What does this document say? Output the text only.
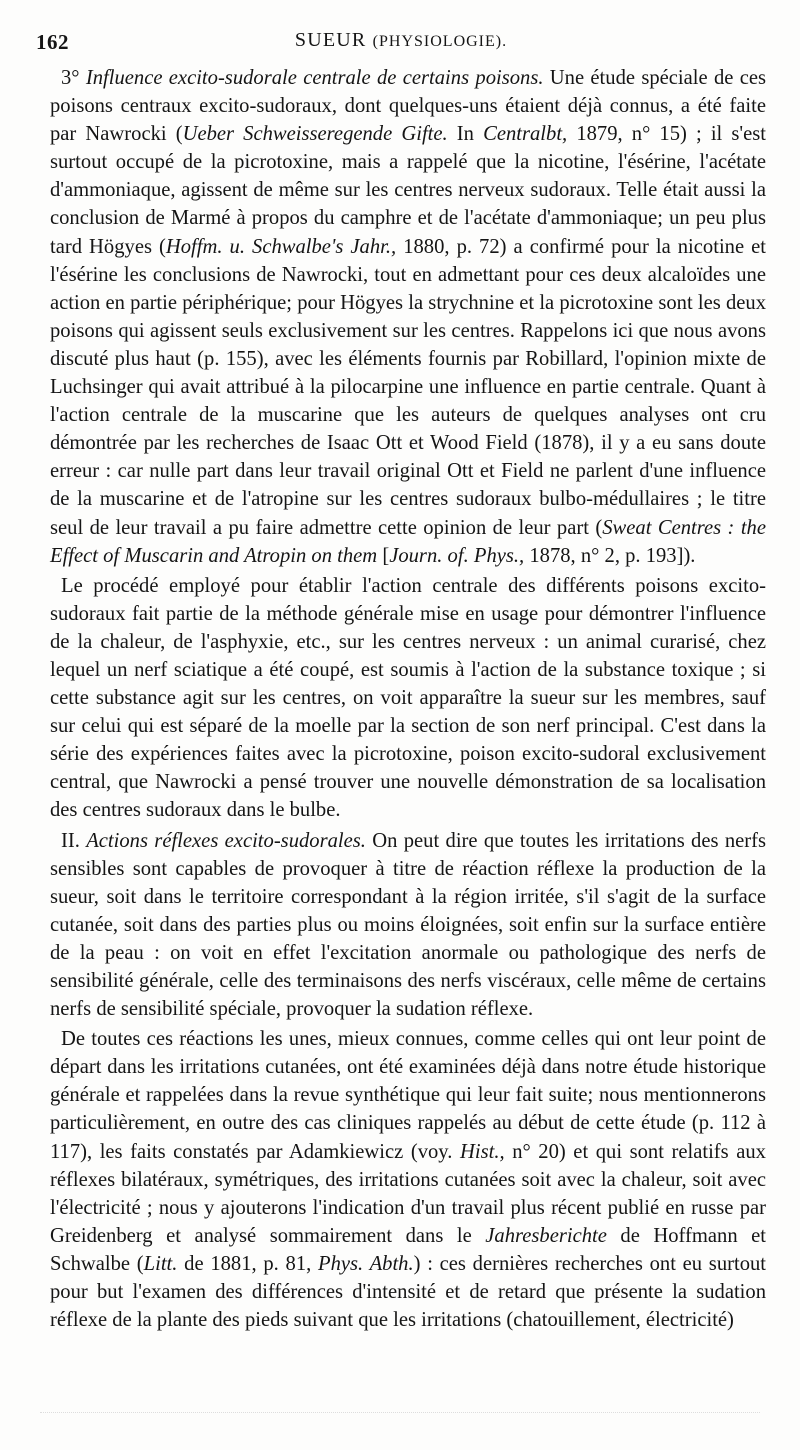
162	SUEUR (PHYSIOLOGIE).

3° Influence excito-sudorale centrale de certains poisons. Une étude spéciale de ces poisons centraux excito-sudoraux, dont quelques-uns étaient déjà connus, a été faite par Nawrocki (Ueber Schweisseregende Gifte. In Centralbt, 1879, n° 15) ; il s'est surtout occupé de la picrotoxine, mais a rappelé que la nicotine, l'ésérine, l'acétate d'ammoniaque, agissent de même sur les centres nerveux sudoraux. Telle était aussi la conclusion de Marmé à propos du camphre et de l'acétate d'ammoniaque; un peu plus tard Högyes (Hoffm. u. Schwalbe's Jahr., 1880, p. 72) a confirmé pour la nicotine et l'ésérine les conclusions de Nawrocki, tout en admettant pour ces deux alcaloïdes une action en partie périphérique; pour Högyes la strychnine et la picrotoxine sont les deux poisons qui agissent seuls exclusivement sur les centres. Rappelons ici que nous avons discuté plus haut (p. 155), avec les éléments fournis par Robillard, l'opinion mixte de Luchsinger qui avait attribué à la pilocarpine une influence en partie centrale. Quant à l'action centrale de la muscarine que les auteurs de quelques analyses ont cru démontrée par les recherches de Isaac Ott et Wood Field (1878), il y a eu sans doute erreur : car nulle part dans leur travail original Ott et Field ne parlent d'une influence de la muscarine et de l'atropine sur les centres sudoraux bulbo-médullaires ; le titre seul de leur travail a pu faire admettre cette opinion de leur part (Sweat Centres : the Effect of Muscarin and Atropin on them [Journ. of. Phys., 1878, n° 2, p. 193]).

Le procédé employé pour établir l'action centrale des différents poisons excito-sudoraux fait partie de la méthode générale mise en usage pour démontrer l'influence de la chaleur, de l'asphyxie, etc., sur les centres nerveux : un animal curarisé, chez lequel un nerf sciatique a été coupé, est soumis à l'action de la substance toxique ; si cette substance agit sur les centres, on voit apparaître la sueur sur les membres, sauf sur celui qui est séparé de la moelle par la section de son nerf principal. C'est dans la série des expériences faites avec la picrotoxine, poison excito-sudoral exclusivement central, que Nawrocki a pensé trouver une nouvelle démonstration de sa localisation des centres sudoraux dans le bulbe.

II. Actions réflexes excito-sudorales. On peut dire que toutes les irritations des nerfs sensibles sont capables de provoquer à titre de réaction réflexe la production de la sueur, soit dans le territoire correspondant à la région irritée, s'il s'agit de la surface cutanée, soit dans des parties plus ou moins éloignées, soit enfin sur la surface entière de la peau : on voit en effet l'excitation anormale ou pathologique des nerfs de sensibilité générale, celle des terminaisons des nerfs viscéraux, celle même de certains nerfs de sensibilité spéciale, provoquer la sudation réflexe.

De toutes ces réactions les unes, mieux connues, comme celles qui ont leur point de départ dans les irritations cutanées, ont été examinées déjà dans notre étude historique générale et rappelées dans la revue synthétique qui leur fait suite; nous mentionnerons particulièrement, en outre des cas cliniques rappelés au début de cette étude (p. 112 à 117), les faits constatés par Adamkiewicz (voy. Hist., n° 20) et qui sont relatifs aux réflexes bilatéraux, symétriques, des irritations cutanées soit avec la chaleur, soit avec l'électricité ; nous y ajouterons l'indication d'un travail plus récent publié en russe par Greidenberg et analysé sommairement dans le Jahresberichte de Hoffmann et Schwalbe (Litt. de 1881, p. 81, Phys. Abth.) : ces dernières recherches ont eu surtout pour but l'examen des différences d'intensité et de retard que présente la sudation réflexe de la plante des pieds suivant que les irritations (chatouillement, électricité)
